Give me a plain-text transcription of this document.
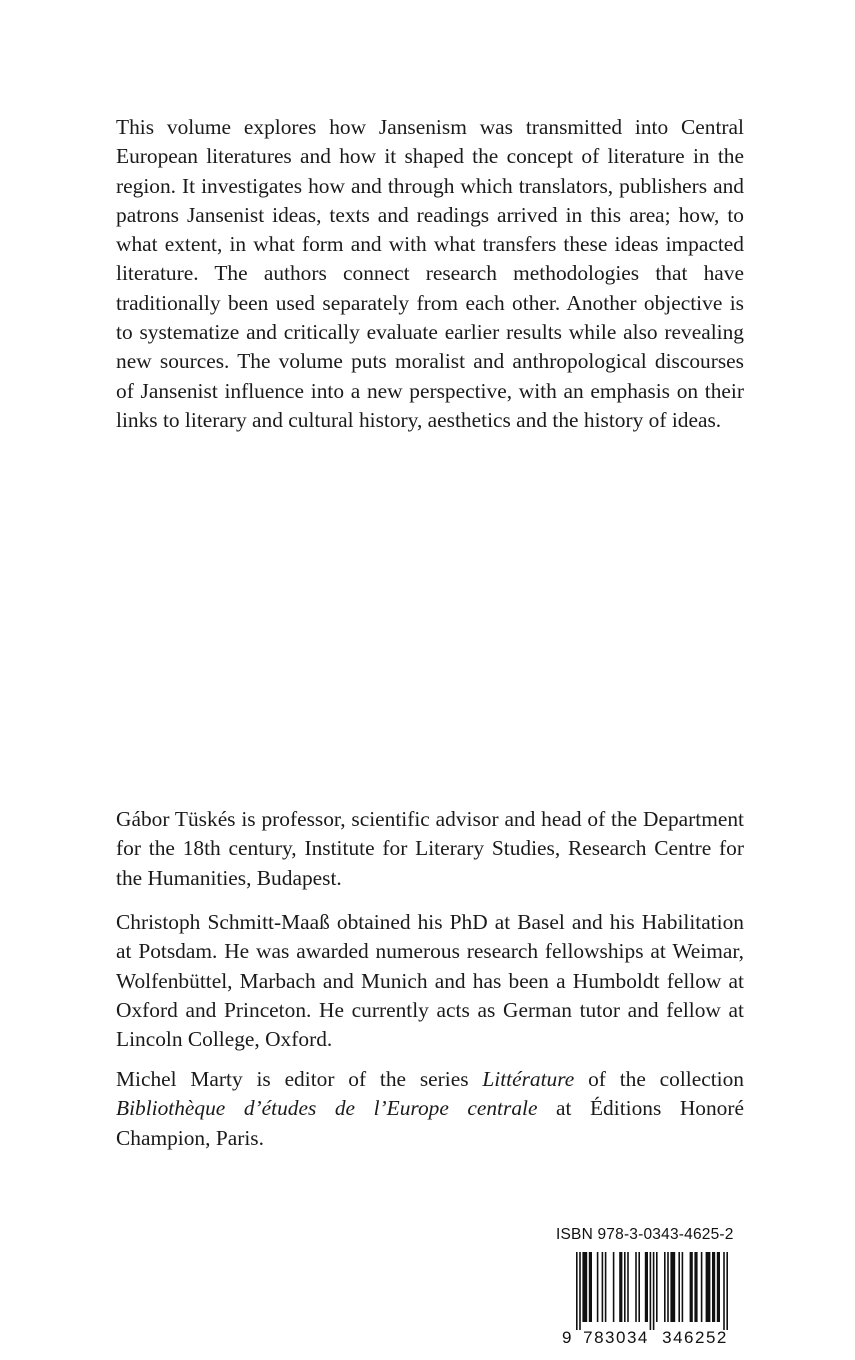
This volume explores how Jansenism was transmitted into Central European literatures and how it shaped the concept of literature in the region. It investigates how and through which translators, publishers and patrons Jansenist ideas, texts and readings arrived in this area; how, to what extent, in what form and with what transfers these ideas impacted literature. The authors connect research methodologies that have traditionally been used separately from each other. Another objective is to systematize and critically evaluate earlier results while also revealing new sources. The volume puts moralist and anthropological discourses of Jansenist influence into a new perspective, with an emphasis on their links to literary and cultural history, aesthetics and the history of ideas.

Gábor Tüskés is professor, scientific advisor and head of the Department for the 18th century, Institute for Literary Studies, Research Centre for the Humanities, Budapest.

Christoph Schmitt-Maaß obtained his PhD at Basel and his Habilitation at Potsdam. He was awarded numerous research fellowships at Weimar, Wolfenbüttel, Marbach and Munich and has been a Humboldt fellow at Oxford and Princeton. He currently acts as German tutor and fellow at Lincoln College, Oxford.

Michel Marty is editor of the series Littérature of the collection Bibliothèque d’études de l’Europe centrale at Éditions Honoré Champion, Paris.

ISBN 978-3-0343-4625-2
9 783034 346252
